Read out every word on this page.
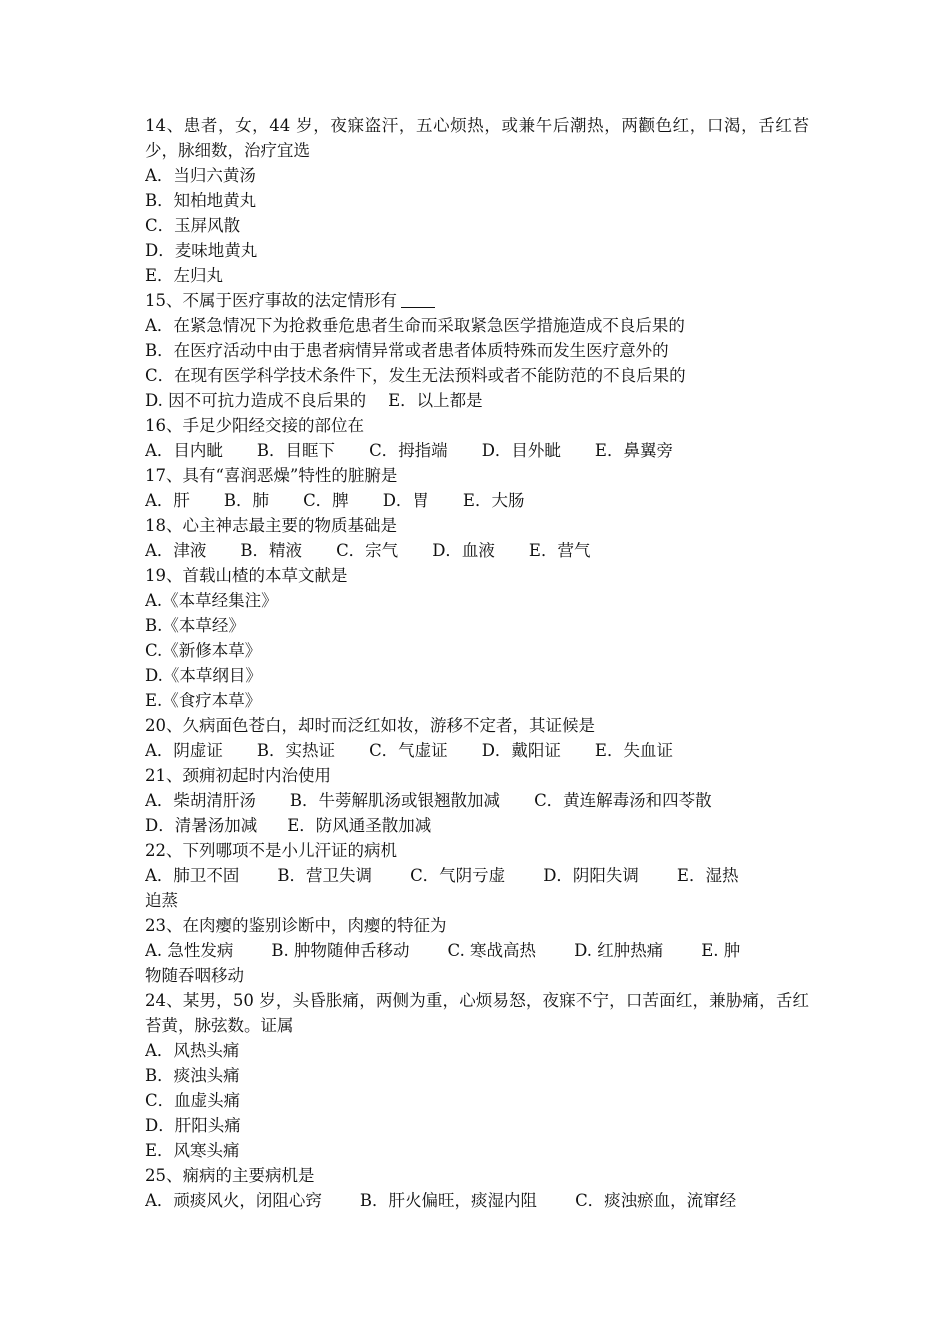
14、患者，女，44 岁，夜寐盗汗，五心烦热，或兼午后潮热，两颧色红，口渴，舌红苔少，脉细数，治疗宜选
A．当归六黄汤
B．知柏地黄丸
C．玉屏风散
D．麦味地黄丸
E．左归丸
15、不属于医疗事故的法定情形有
A．在紧急情况下为抢救垂危患者生命而采取紧急医学措施造成不良后果的
B．在医疗活动中由于患者病情异常或者患者体质特殊而发生医疗意外的
C．在现有医学科学技术条件下，发生无法预料或者不能防范的不良后果的
D. 因不可抗力造成不良后果的 E．以上都是
16、手足少阳经交接的部位在
A．目内眦 B．目眶下 C．拇指端 D．目外眦 E．鼻翼旁
17、具有“喜润恶燥”特性的脏腑是
A．肝 B．肺 C．脾 D．胃 E．大肠
18、心主神志最主要的物质基础是
A．津液 B．精液 C．宗气 D．血液 E．营气
19、首载山楂的本草文献是
A.《本草经集注》
B.《本草经》
C.《新修本草》
D.《本草纲目》
E.《食疗本草》
20、久病面色苍白，却时而泛红如妆，游移不定者，其证候是
A．阴虚证 B．实热证 C．气虚证 D．戴阳证 E．失血证
21、颈痈初起时内治使用
A．柴胡清肝汤 B．牛蒡解肌汤或银翘散加减 C．黄连解毒汤和四苓散
D．清暑汤加减 E．防风通圣散加减
22、下列哪项不是小儿汗证的病机
A．肺卫不固 B．营卫失调 C．气阴亏虚 D．阴阳失调 E．湿热
迫蒸
23、在肉瘿的鉴别诊断中，肉瘿的特征为
A. 急性发病 B. 肿物随伸舌移动 C. 寒战高热 D. 红肿热痛 E. 肿
物随吞咽移动
24、某男，50 岁，头昏胀痛，两侧为重，心烦易怒，夜寐不宁，口苦面红，兼胁痛，舌红苔黄，脉弦数。证属
A．风热头痛
B．痰浊头痛
C．血虚头痛
D．肝阳头痛
E．风寒头痛
25、痫病的主要病机是
A．顽痰风火，闭阻心窍 B．肝火偏旺，痰湿内阻 C．痰浊瘀血，流窜经
